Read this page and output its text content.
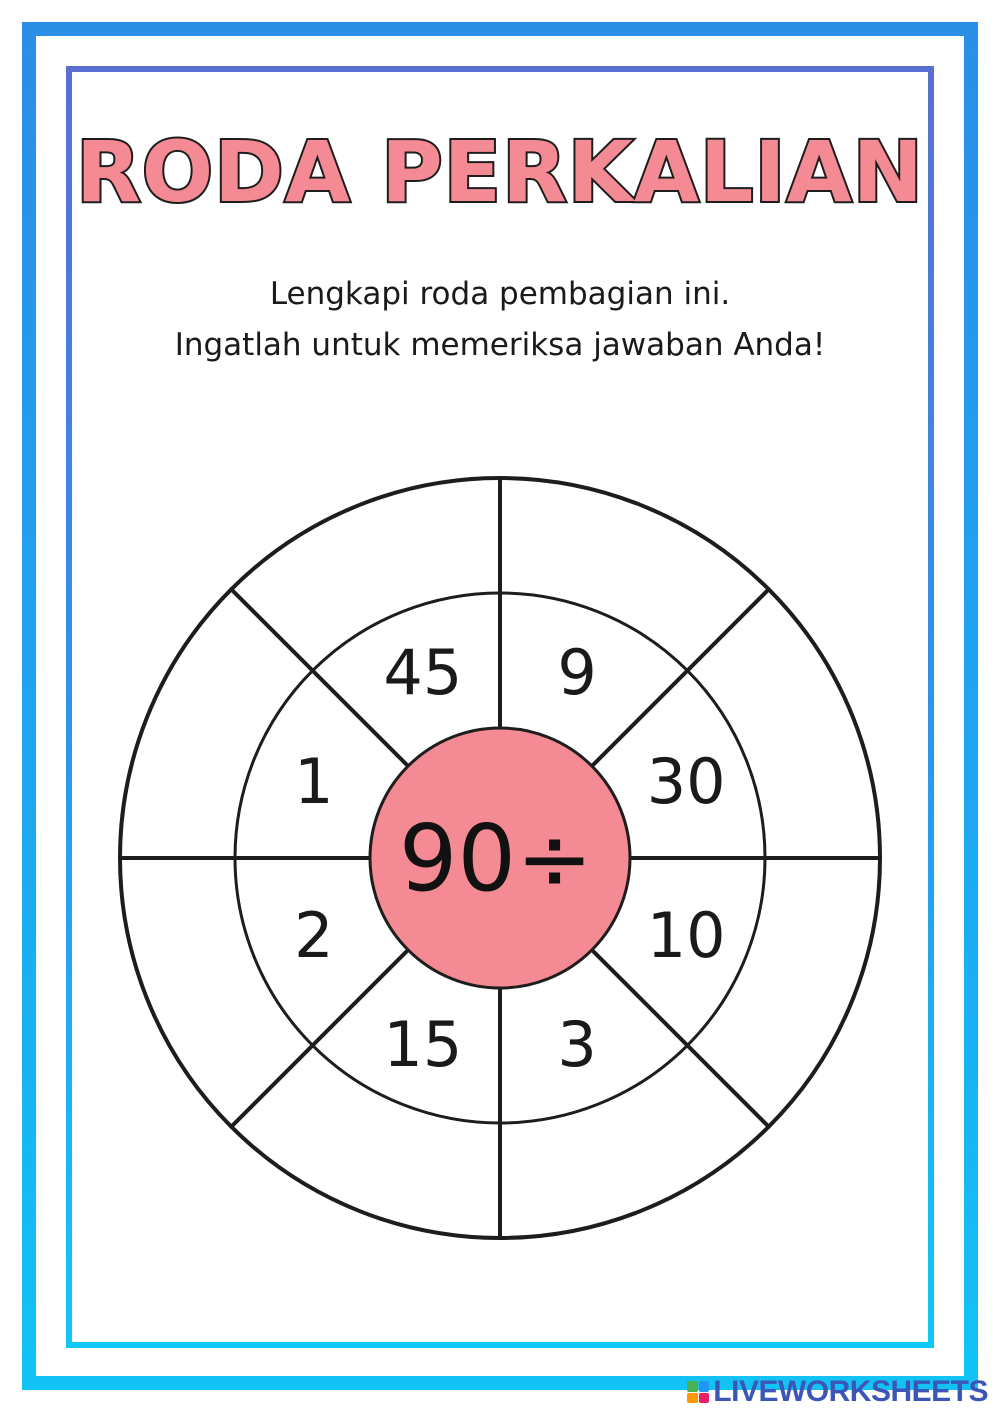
RODA PERKALIAN
Lengkapi roda pembagian ini.
Ingatlah untuk memeriksa jawaban Anda!
9
30
10
3
15
2
1
45
90÷
LIVEWORKSHEETS
